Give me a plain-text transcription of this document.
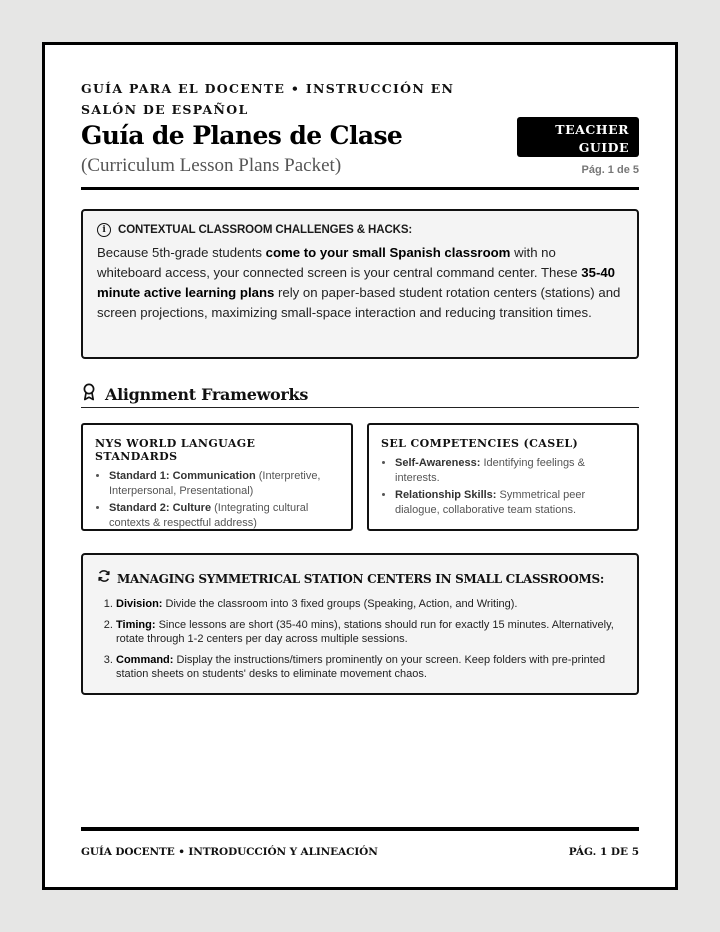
GUÍA PARA EL DOCENTE • INSTRUCCIÓN EN SALÓN DE ESPAÑOL
Guía de Planes de Clase
(Curriculum Lesson Plans Packet)
TEACHER
GUIDE
Pág. 1 de 5
i	CONTEXTUAL CLASSROOM CHALLENGES & HACKS:
Because 5th-grade students come to your small Spanish classroom with no whiteboard access, your connected screen is your central command center. These 35-40 minute active learning plans rely on paper-based student rotation centers (stations) and screen projections, maximizing small-space interaction and reducing transition times.
Alignment Frameworks
NYS WORLD LANGUAGE STANDARDS
• Standard 1: Communication (Interpretive, Interpersonal, Presentational)
• Standard 2: Culture (Integrating cultural contexts & respectful address)
SEL COMPETENCIES (CASEL)
• Self-Awareness: Identifying feelings & interests.
• Relationship Skills: Symmetrical peer dialogue, collaborative team stations.
MANAGING SYMMETRICAL STATION CENTERS IN SMALL CLASSROOMS:
1. Division: Divide the classroom into 3 fixed groups (Speaking, Action, and Writing).
2. Timing: Since lessons are short (35-40 mins), stations should run for exactly 15 minutes. Alternatively, rotate through 1-2 centers per day across multiple sessions.
3. Command: Display the instructions/timers prominently on your screen. Keep folders with pre-printed station sheets on students' desks to eliminate movement chaos.
GUÍA DOCENTE • INTRODUCCIÓN Y ALINEACIÓN	PÁG. 1 DE 5
